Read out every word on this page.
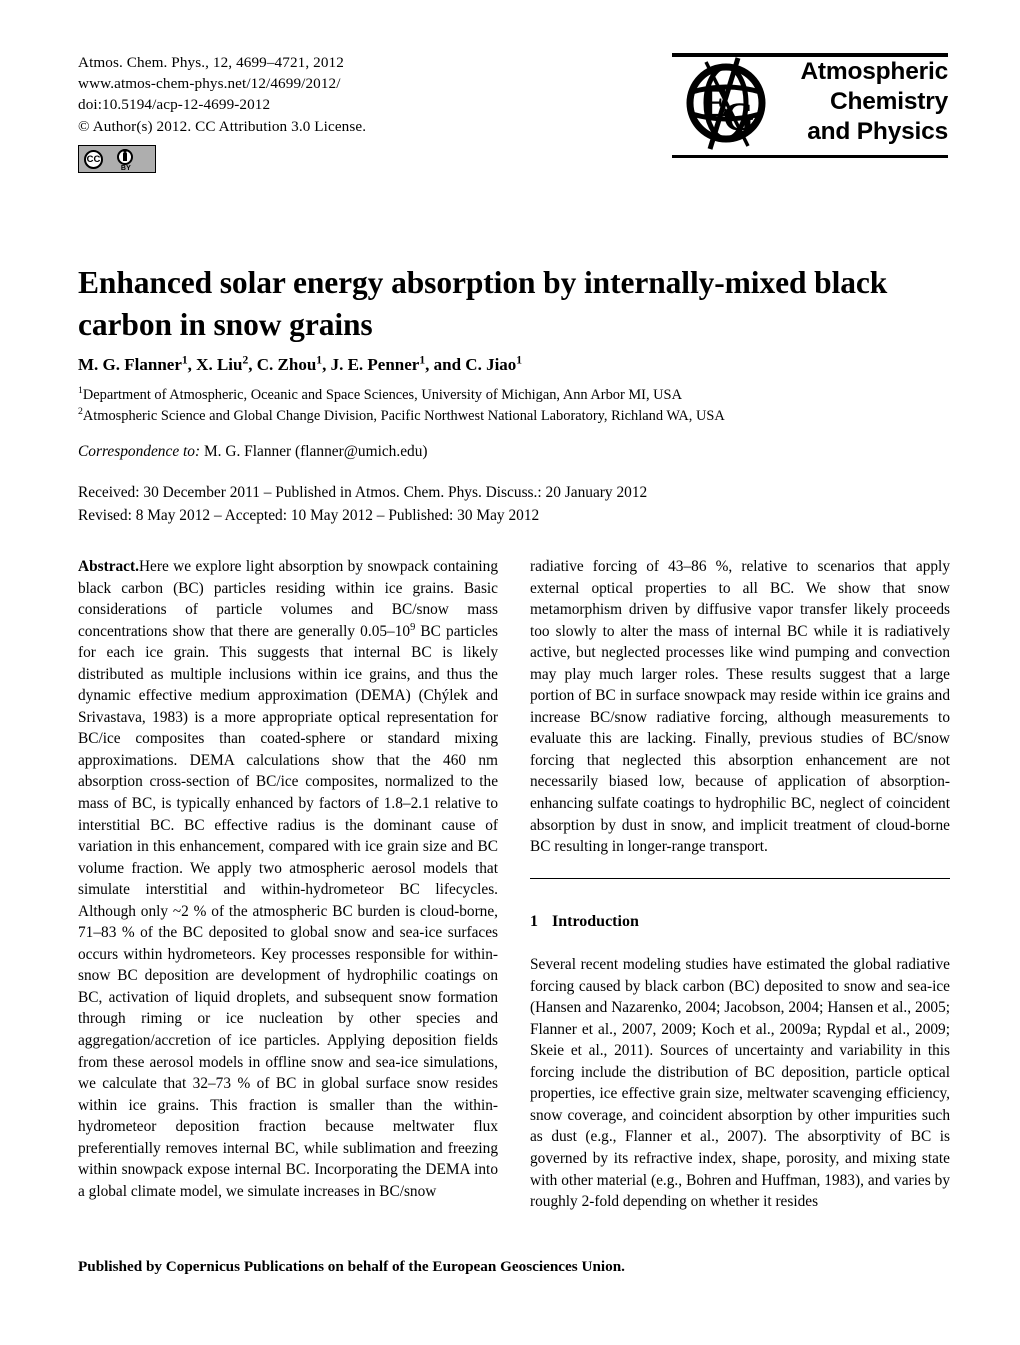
Atmos. Chem. Phys., 12, 4699–4721, 2012
www.atmos-chem-phys.net/12/4699/2012/
doi:10.5194/acp-12-4699-2012
© Author(s) 2012. CC Attribution 3.0 License.
CC
BY
E
G
Atmospheric
Chemistry
and Physics
Enhanced solar energy absorption by internally-mixed black carbon in snow grains
M. G. Flanner$^1$, X. Liu$^2$, C. Zhou$^1$, J. E. Penner$^1$, and C. Jiao$^1$
$^1$Department of Atmospheric, Oceanic and Space Sciences, University of Michigan, Ann Arbor MI, USA
$^2$Atmospheric Science and Global Change Division, Pacific Northwest National Laboratory, Richland WA, USA
Correspondence to: M. G. Flanner (flanner@umich.edu)
Received: 30 December 2011 – Published in Atmos. Chem. Phys. Discuss.: 20 January 2012
Revised: 8 May 2012 – Accepted: 10 May 2012 – Published: 30 May 2012
Abstract.Here we explore light absorption by snowpack containing black carbon (BC) particles residing within ice grains. Basic considerations of particle volumes and BC/snow mass concentrations show that there are generally $0.05-10^9$ BC particles for each ice grain. This suggests that internal BC is likely distributed as multiple inclusions within ice grains, and thus the dynamic effective medium approximation (DEMA) (Chýlek and Srivastava, 1983) is a more appropriate optical representation for BC/ice composites than coated-sphere or standard mixing approximations. DEMA calculations show that the 460 nm absorption cross-section of BC/ice composites, normalized to the mass of BC, is typically enhanced by factors of 1.8–2.1 relative to interstitial BC. BC effective radius is the dominant cause of variation in this enhancement, compared with ice grain size and BC volume fraction. We apply two atmospheric aerosol models that simulate interstitial and within-hydrometeor BC lifecycles. Although only ~2 % of the atmospheric BC burden is cloud-borne, 71–83 % of the BC deposited to global snow and sea-ice surfaces occurs within hydrometeors. Key processes responsible for within-snow BC deposition are development of hydrophilic coatings on BC, activation of liquid droplets, and subsequent snow formation through riming or ice nucleation by other species and aggregation/accretion of ice particles. Applying deposition fields from these aerosol models in offline snow and sea-ice simulations, we calculate that 32–73 % of BC in global surface snow resides within ice grains. This fraction is smaller than the within-hydrometeor deposition fraction because meltwater flux preferentially removes internal BC, while sublimation and freezing within snowpack expose internal BC. Incorporating the DEMA into a global climate model, we simulate increases in BC/snow
radiative forcing of 43–86 %, relative to scenarios that apply external optical properties to all BC. We show that snow metamorphism driven by diffusive vapor transfer likely proceeds too slowly to alter the mass of internal BC while it is radiatively active, but neglected processes like wind pumping and convection may play much larger roles. These results suggest that a large portion of BC in surface snowpack may reside within ice grains and increase BC/snow radiative forcing, although measurements to evaluate this are lacking. Finally, previous studies of BC/snow forcing that neglected this absorption enhancement are not necessarily biased low, because of application of absorption-enhancing sulfate coatings to hydrophilic BC, neglect of coincident absorption by dust in snow, and implicit treatment of cloud-borne BC resulting in longer-range transport.
1 Introduction
Several recent modeling studies have estimated the global radiative forcing caused by black carbon (BC) deposited to snow and sea-ice (Hansen and Nazarenko, 2004; Jacobson, 2004; Hansen et al., 2005; Flanner et al., 2007, 2009; Koch et al., 2009a; Rypdal et al., 2009; Skeie et al., 2011). Sources of uncertainty and variability in this forcing include the distribution of BC deposition, particle optical properties, ice effective grain size, meltwater scavenging efficiency, snow coverage, and coincident absorption by other impurities such as dust (e.g., Flanner et al., 2007). The absorptivity of BC is governed by its refractive index, shape, porosity, and mixing state with other material (e.g., Bohren and Huffman, 1983), and varies by roughly 2-fold depending on whether it resides
Published by Copernicus Publications on behalf of the European Geosciences Union.
